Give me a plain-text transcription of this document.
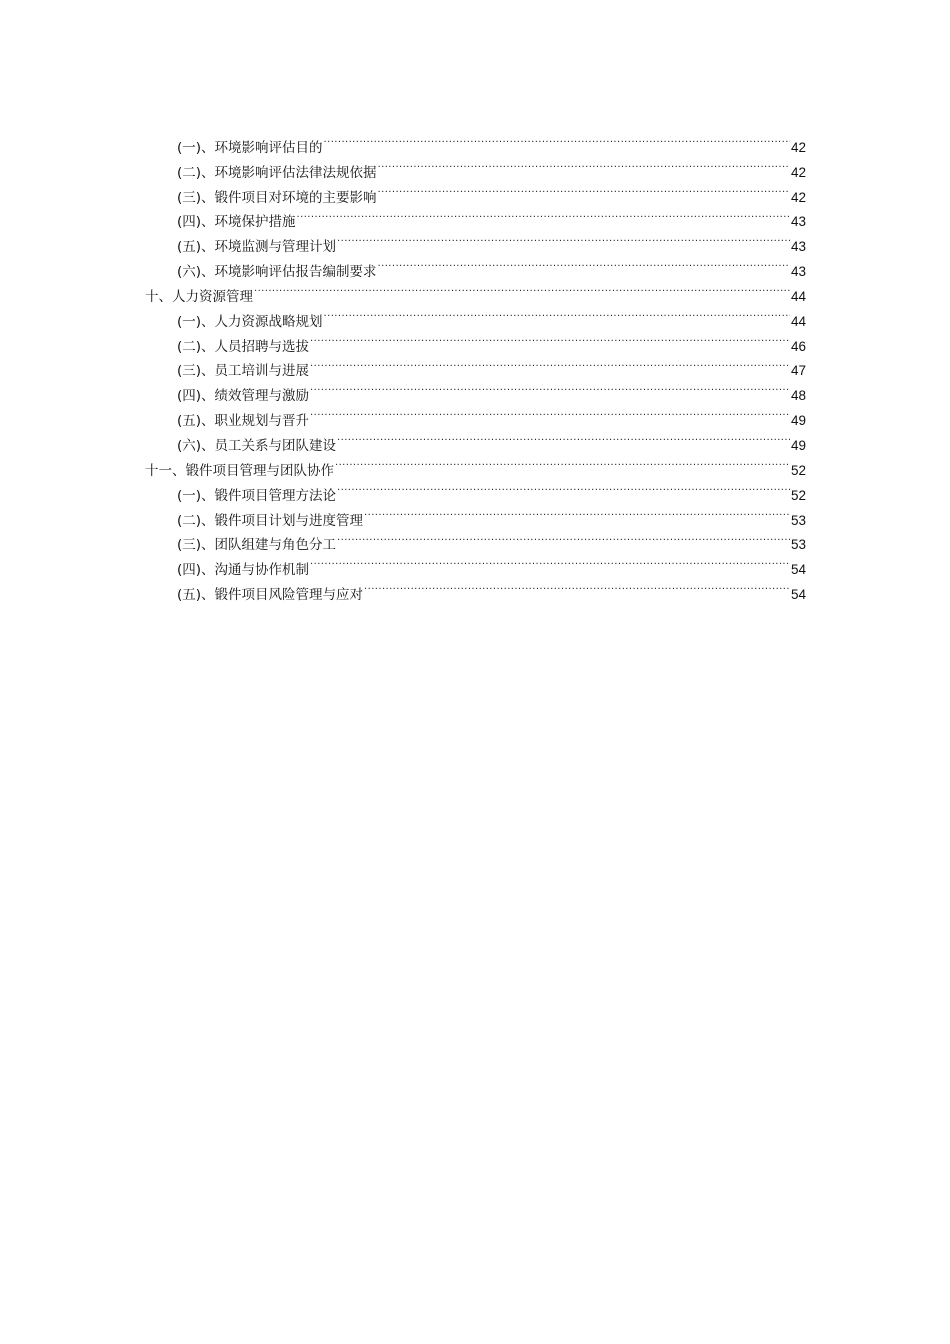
(一)、环境影响评估目的 .....	42
(二)、环境影响评估法律法规依据 .....	42
(三)、锻件项目对环境的主要影响 .....	42
(四)、环境保护措施 .....	43
(五)、环境监测与管理计划 .....	43
(六)、环境影响评估报告编制要求 .....	43
十、人力资源管理 .....	44
(一)、人力资源战略规划 .....	44
(二)、人员招聘与选拔 .....	46
(三)、员工培训与进展 .....	47
(四)、绩效管理与激励 .....	48
(五)、职业规划与晋升 .....	49
(六)、员工关系与团队建设 .....	49
十一、锻件项目管理与团队协作 .....	52
(一)、锻件项目管理方法论 .....	52
(二)、锻件项目计划与进度管理 .....	53
(三)、团队组建与角色分工 .....	53
(四)、沟通与协作机制 .....	54
(五)、锻件项目风险管理与应对 .....	54
